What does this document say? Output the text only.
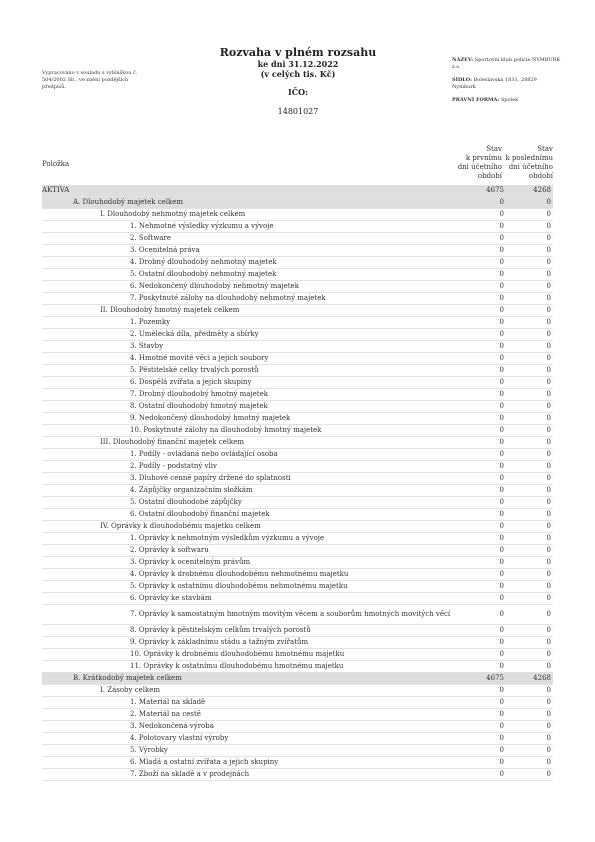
Vypracováno v souladu s vyhláškou č. 504/2002 Sb., ve znění pozdějších předpisů.
Rozvaha v plném rozsahu
ke dni 31.12.2022
(v celých tis. Kč)
IČO:
14801027
NÁZEV: Sportovní klub policie NYMBURK z.s.
SÍDLO: Boleslavská 1831, 28829 Nymburk
PRÁVNÍ FORMA: Spolek
Položka
Stav
k prvnímu
dni účetního
období
Stav
k poslednímu
dni účetního
období
AKTIVA	4675	4268
A. Dlouhodobý majetek celkem	0	0
I. Dlouhodobý nehmotný majetek celkem	0	0
1. Nehmotné výsledky výzkumu a vývoje	0	0
2. Software	0	0
3. Ocenitelná práva	0	0
4. Drobný dlouhodobý nehmotný majetek	0	0
5. Ostatní dlouhodobý nehmotný majetek	0	0
6. Nedokončený dlouhodobý nehmotný majetek	0	0
7. Poskytnuté zálohy na dlouhodobý nehmotný majetek	0	0
II. Dlouhodobý hmotný majetek celkem	0	0
1. Pozemky	0	0
2. Umělecká díla, předměty a sbírky	0	0
3. Stavby	0	0
4. Hmotné movité věci a jejich soubory	0	0
5. Pěstitelské celky trvalých porostů	0	0
6. Dospělá zvířata a jejich skupiny	0	0
7. Drobný dlouhodobý hmotný majetek	0	0
8. Ostatní dlouhodobý hmotný majetek	0	0
9. Nedokončený dlouhodobý hmotný majetek	0	0
10. Poskytnuté zálohy na dlouhodobý hmotný majetek	0	0
III. Dlouhodobý finanční majetek celkem	0	0
1. Podíly - ovládaná nebo ovládající osoba	0	0
2. Podíly - podstatný vliv	0	0
3. Dluhové cenné papíry držené do splatnosti	0	0
4. Zápůjčky organizačním složkám	0	0
5. Ostatní dlouhodobé zápůjčky	0	0
6. Ostatní dlouhodobý finanční majetek	0	0
IV. Oprávky k dlouhodobému majetku celkem	0	0
1. Oprávky k nehmotným výsledkům výzkumu a vývoje	0	0
2. Oprávky k softwaru	0	0
3. Oprávky k ocenitelným právům	0	0
4. Oprávky k drobnému dlouhodobému nehmotnému majetku	0	0
5. Oprávky k ostatnímu dlouhodobému nehmotnému majetku	0	0
6. Oprávky ke stavbám	0	0
7. Oprávky k samostatným hmotným movitým věcem a souborům hmotných movitých věcí	0	0
8. Oprávky k pěstitelským celkům trvalých porostů	0	0
9. Oprávky k základnímu stádu a tažným zvířatům	0	0
10. Oprávky k drobnému dlouhodobému hmotnému majetku	0	0
11. Oprávky k ostatnímu dlouhodobému hmotnému majetku	0	0
B. Krátkodobý majetek celkem	4675	4268
I. Zásoby celkem	0	0
1. Materiál na skladě	0	0
2. Materiál na cestě	0	0
3. Nedokončená výroba	0	0
4. Polotovary vlastní výroby	0	0
5. Výrobky	0	0
6. Mladá a ostatní zvířata a jejich skupiny	0	0
7. Zboží na skladě a v prodejnách	0	0
